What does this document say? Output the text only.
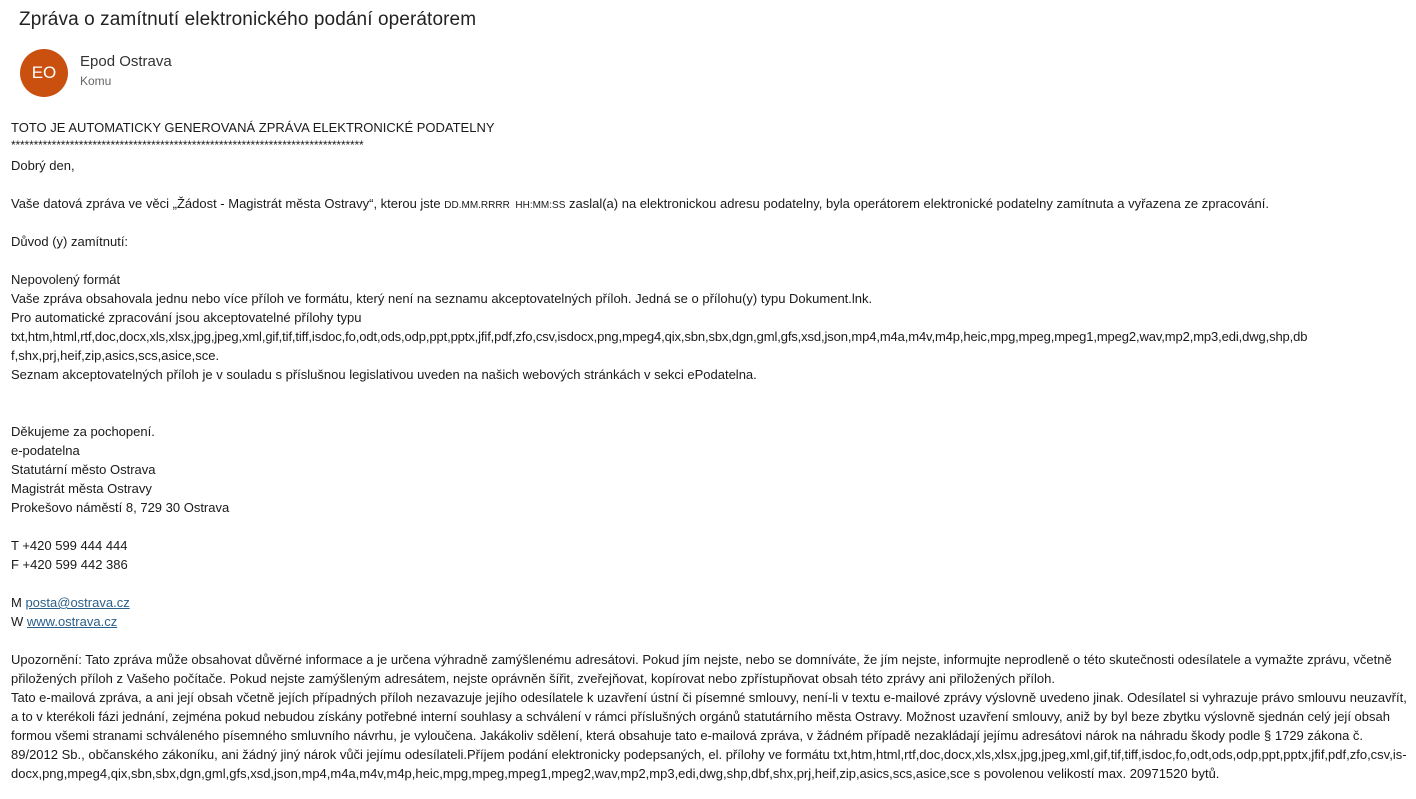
Zpráva o zamítnutí elektronického podání operátorem
EO
Epod Ostrava
Komu
TOTO JE AUTOMATICKY GENEROVANÁ ZPRÁVA ELEKTRONICKÉ PODATELNY
******************************************************************************
Dobrý den,
Vaše datová zpráva ve věci „Žádost - Magistrát města Ostravy“, kterou jste DD.MM.RRRR HH:MM:SS zaslal(a) na elektronickou adresu podatelny, byla operátorem elektronické podatelny zamítnuta a vyřazena ze zpracování.
Důvod (y) zamítnutí:
Nepovolený formát
Vaše zpráva obsahovala jednu nebo více příloh ve formátu, který není na seznamu akceptovatelných příloh. Jedná se o přílohu(y) typu Dokument.lnk.
Pro automatické zpracování jsou akceptovatelné přílohy typu
txt,htm,html,rtf,doc,docx,xls,xlsx,jpg,jpeg,xml,gif,tif,tiff,isdoc,fo,odt,ods,odp,ppt,pptx,jfif,pdf,zfo,csv,isdocx,png,mpeg4,qix,sbn,sbx,dgn,gml,gfs,xsd,json,mp4,m4a,m4v,m4p,heic,mpg,mpeg,mpeg1,mpeg2,wav,mp2,mp3,edi,dwg,shp,db
f,shx,prj,heif,zip,asics,scs,asice,sce.
Seznam akceptovatelných příloh je v souladu s příslušnou legislativou uveden na našich webových stránkách v sekci ePodatelna.
Děkujeme za pochopení.
e-podatelna
Statutární město Ostrava
Magistrát města Ostravy
Prokešovo náměstí 8, 729 30 Ostrava
T +420 599 444 444
F +420 599 442 386
M posta@ostrava.cz
W www.ostrava.cz
Upozornění: Tato zpráva může obsahovat důvěrné informace a je určena výhradně zamýšlenému adresátovi. Pokud jím nejste, nebo se domníváte, že jím nejste, informujte neprodleně o této skutečnosti odesílatele a vymažte zprávu, včetně přiložených příloh z Vašeho počítače. Pokud nejste zamýšleným adresátem, nejste oprávněn šířit, zveřejňovat, kopírovat nebo zpřístupňovat obsah této zprávy ani přiložených příloh.
Tato e-mailová zpráva, a ani její obsah včetně jejích případných příloh nezavazuje jejího odesílatele k uzavření ústní či písemné smlouvy, není-li v textu e-mailové zprávy výslovně uvedeno jinak. Odesílatel si vyhrazuje právo smlouvu neuzavřít, a to v kterékoli fázi jednání, zejména pokud nebudou získány potřebné interní souhlasy a schválení v rámci příslušných orgánů statutárního města Ostravy. Možnost uzavření smlouvy, aniž by byl beze zbytku výslovně sjednán celý její obsah formou všemi stranami schváleného písemného smluvního návrhu, je vyloučena. Jakákoliv sdělení, která obsahuje tato e-mailová zpráva, v žádném případě nezakládají jejímu adresátovi nárok na náhradu škody podle § 1729 zákona č. 89/2012 Sb., občanského zákoníku, ani žádný jiný nárok vůči jejímu odesílateli.Příjem podání elektronicky podepsaných, el. přílohy ve formátu txt,htm,html,rtf,doc,docx,xls,xlsx,jpg,jpeg,xml,gif,tif,tiff,isdoc,fo,odt,ods,odp,ppt,pptx,jfif,pdf,zfo,csv,is-docx,png,mpeg4,qix,sbn,sbx,dgn,gml,gfs,xsd,json,mp4,m4a,m4v,m4p,heic,mpg,mpeg,mpeg1,mpeg2,wav,mp2,mp3,edi,dwg,shp,dbf,shx,prj,heif,zip,asics,scs,asice,sce s povolenou velikostí max. 20971520 bytů.
